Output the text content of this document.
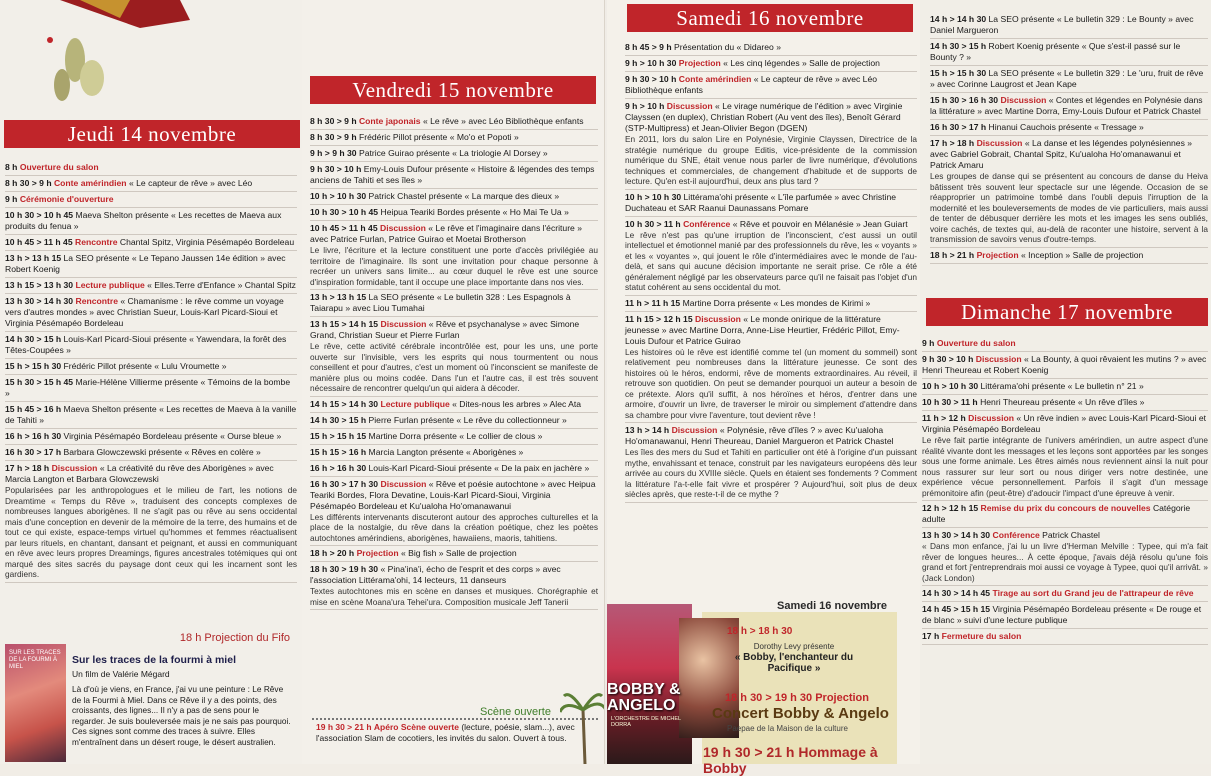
Jeudi 14 novembre
8 h Ouverture du salon
8 h 30 > 9 h Conte amérindien « Le capteur de rêve » avec Léo
9 h Cérémonie d'ouverture
10 h 30 > 10 h 45 Maeva Shelton présente « Les recettes de Maeva aux produits du fenua »
10 h 45 > 11 h 45 Rencontre Chantal Spitz, Virginia Pésémapéo Bordeleau
13 h > 13 h 15 La SEO présente « Le Tepano Jaussen 14e édition » avec Robert Koenig
13 h 15 > 13 h 30 Lecture publique « Elles.Terre d'Enfance » Chantal Spitz
13 h 30 > 14 h 30 Rencontre « Chamanisme : le rêve comme un voyage vers d'autres mondes » avec Christian Sueur, Louis-Karl Picard-Sioui et Virginia Pésémapéo Bordeleau
14 h 30 > 15 h Louis-Karl Picard-Sioui présente « Yawendara, la forêt des Têtes-Coupées »
15 h > 15 h 30 Frédéric Pillot présente « Lulu Vroumette »
15 h 30 > 15 h 45 Marie-Hélène Villierme présente « Témoins de la bombe »
15 h 45 > 16 h Maeva Shelton présente « Les recettes de Maeva à la vanille de Tahiti »
16 h > 16 h 30 Virginia Pésémapéo Bordeleau présente « Ourse bleue »
16 h 30 > 17 h Barbara Glowczewski présente « Rêves en colère »
17 h > 18 h Discussion « La créativité du rêve des Aborigènes » avec Marcia Langton et Barbara Glowczewski
Popularisées par les anthropologues et le milieu de l'art, les notions de Dreamtime « Temps du Rêve », traduisent des concepts complexes de nombreuses langues aborigènes. Il ne s'agit pas ou rêve au sens occidental mais d'une conception en devenir de la mémoire de la terre, des humains et de tout ce qui existe, espace-temps virtuel qu'hommes et femmes réactualisent par leurs rituels, en chantant, dansant et peignant, et aussi en communiquant en rêve avec leurs propres Dreamings, figures ancestrales totémiques qui ont marqué des sites sacrés du paysage dont ceux qui les incarnent sont les gardiens.
18 h Projection du Fifo
SUR LES TRACES DE LA FOURMI À MIEL
Sur les traces de la fourmi à miel
Un film de Valérie Mégard
Là d'où je viens, en France, j'ai vu une peinture : Le Rêve de la Fourmi à Miel. Dans ce Rêve il y a des points, des croissants, des lignes... Il n'y a pas de sens pour le regarder. Je suis bouleversée mais je ne sais pas pourquoi. Ces signes sont comme des traces à suivre. Elles m'entraînent dans un désert rouge, le désert australien.
Vendredi 15 novembre
8 h 30 > 9 h Conte japonais « Le rêve » avec Léo Bibliothèque enfants
8 h 30 > 9 h Frédéric Pillot présente « Mo'o et Popoti »
9 h > 9 h 30 Patrice Guirao présente « La triologie Al Dorsey »
9 h 30 > 10 h Emy-Louis Dufour présente « Histoire & légendes des temps anciens de Tahiti et ses îles »
10 h > 10 h 30 Patrick Chastel présente « La marque des dieux »
10 h 30 > 10 h 45 Heipua Teariki Bordes présente « Ho Mai Te Ua »
10 h 45 > 11 h 45 Discussion « Le rêve et l'imaginaire dans l'écriture » avec Patrice Furlan, Patrice Guirao et Moetai Brotherson
Le livre, l'écriture et la lecture constituent une porte d'accès privilégiée au territoire de l'imaginaire. Ils sont une invitation pour chaque personne à recréer un univers sans limite... au cœur duquel le rêve est une source d'inspiration formidable, tant il occupe une place importante dans nos vies.
13 h > 13 h 15 La SEO présente « Le bulletin 328 : Les Espagnols à Taiarapu » avec Liou Tumahai
13 h 15 > 14 h 15 Discussion « Rêve et psychanalyse » avec Simone Grand, Christian Sueur et Pierre Furlan
Le rêve, cette activité cérébrale incontrôlée est, pour les uns, une porte ouverte sur l'invisible, vers les esprits qui nous tourmentent ou nous conseillent et pour d'autres, c'est un moment où l'inconscient se manifeste de manière plus ou moins codée. Dans l'un et l'autre cas, il est très souvent nécessaire de rencontrer quelqu'un qui aidera à décoder.
14 h 15 > 14 h 30 Lecture publique « Dites-nous les arbres » Alec Ata
14 h 30 > 15 h Pierre Furlan présente « Le rêve du collectionneur »
15 h > 15 h 15 Martine Dorra présente « Le collier de clous »
15 h 15 > 16 h Marcia Langton présente « Aborigènes »
16 h > 16 h 30 Louis-Karl Picard-Sioui présente « De la paix en jachère »
16 h 30 > 17 h 30 Discussion « Rêve et poésie autochtone » avec Heipua Teariki Bordes, Flora Devatine, Louis-Karl Picard-Sioui, Virginia Pésémapéo Bordeleau et Ku'ualoha Ho'omanawanui
Les différents intervenants discuteront autour des approches culturelles et la place de la nostalgie, du rêve dans la création poétique, chez les poètes autochtones amérindiens, aborigènes, hawaiiens, maoris, tahitiens.
18 h > 20 h Projection « Big fish » Salle de projection
18 h 30 > 19 h 30 « Pina'ina'i, écho de l'esprit et des corps » avec l'association Littérama'ohi, 14 lecteurs, 11 danseurs
Textes autochtones mis en scène en danses et musiques. Chorégraphie et mise en scène Moana'ura Tehei'ura. Composition musicale Jeff Tanerii
Scène ouverte
19 h 30 > 21 h Apéro Scène ouverte (lecture, poésie, slam...), avec l'association Slam de cocotiers, les invités du salon. Ouvert à tous.
Samedi 16 novembre
8 h 45 > 9 h Présentation du « Didareo »
9 h > 10 h 30 Projection « Les cinq légendes » Salle de projection
9 h 30 > 10 h Conte amérindien « Le capteur de rêve » avec Léo Bibliothèque enfants
9 h > 10 h Discussion « Le virage numérique de l'édition » avec Virginie Clayssen (en duplex), Christian Robert (Au vent des îles), Benoît Gérard (STP-Multipress) et Jean-Olivier Begon (DGEN)
En 2011, lors du salon Lire en Polynésie, Virginie Clayssen, Directrice de la stratégie numérique du groupe Editis, vice-présidente de la commission numérique du SNE, était venue nous parler de livre numérique, d'évolutions techniques et commerciales, de changement d'habitude et de supports de lecture. Qu'en est-il aujourd'hui, deux ans plus tard ?
10 h > 10 h 30 Littérama'ohi présente « L'île parfumée » avec Christine Duchateau et SAR Raanui Daunassans Pomare
10 h 30 > 11 h Conférence « Rêve et pouvoir en Mélanésie » Jean Guiart
Le rêve n'est pas qu'une irruption de l'inconscient, c'est aussi un outil intellectuel et émotionnel manié par des professionnels du rêve, les « voyants » et les « voyantes », qui jouent le rôle d'intermédiaires avec le monde de l'au-delà, et sans qui aucune décision importante ne serait prise. Ce rôle a été généralement négligé par les observateurs parce qu'il ne faisait pas l'objet d'un statut cohérent au sens occidental du mot.
11 h > 11 h 15 Martine Dorra présente « Les mondes de Kirimi »
11 h 15 > 12 h 15 Discussion « Le monde onirique de la littérature jeunesse » avec Martine Dorra, Anne-Lise Heurtier, Frédéric Pillot, Emy-Louis Dufour et Patrice Guirao
Les histoires où le rêve est identifié comme tel (un moment du sommeil) sont relativement peu nombreuses dans la littérature jeunesse. Ce sont des histoires où le héros, endormi, rêve de moments extraordinaires. Au réveil, il retrouve son quotidien. On peut se demander pourquoi un auteur a besoin de ce prétexte. Alors qu'il suffit, à nos héroïnes et héros, d'entrer dans une armoire, d'ouvrir un livre, de traverser le miroir ou simplement d'attendre dans sa chambre pour vivre l'aventure, tout devient rêve !
13 h > 14 h Discussion « Polynésie, rêve d'îles ? » avec Ku'ualoha Ho'omanawanui, Henri Theureau, Daniel Margueron et Patrick Chastel
Les îles des mers du Sud et Tahiti en particulier ont été à l'origine d'un puissant mythe, envahissant et tenace, construit par les navigateurs européens dès leur arrivée au cours du XVIIIe siècle. Quels en étaient ses fondements ? Comment la littérature l'a-t-elle fait vivre et prospérer ? Aujourd'hui, soit plus de deux siècles après, que reste-t-il de ce mythe ?
BOBBY & ANGELO
L'ORCHESTRE DE MICHEL DORRA
Samedi 16 novembre
18 h > 18 h 30
Dorothy Levy présente
« Bobby, l'enchanteur du Pacifique »
18 h 30 > 19 h 30 Projection
Concert Bobby & Angelo
Paepae de la Maison de la culture
19 h 30 > 21 h Hommage à Bobby
14 h > 14 h 30 La SEO présente « Le bulletin 329 : Le Bounty » avec Daniel Margueron
14 h 30 > 15 h Robert Koenig présente « Que s'est-il passé sur le Bounty ? »
15 h > 15 h 30 La SEO présente « Le bulletin 329 : Le 'uru, fruit de rêve » avec Corinne Laugrost et Jean Kape
15 h 30 > 16 h 30 Discussion « Contes et légendes en Polynésie dans la littérature » avec Martine Dorra, Emy-Louis Dufour et Patrick Chastel
16 h 30 > 17 h Hinanui Cauchois présente « Tressage »
17 h > 18 h Discussion « La danse et les légendes polynésiennes » avec Gabriel Gobrait, Chantal Spitz, Ku'ualoha Ho'omanawanui et Patrick Amaru
Les groupes de danse qui se présentent au concours de danse du Heiva bâtissent très souvent leur spectacle sur une légende. Occasion de se réapproprier un patrimoine tombé dans l'oubli depuis l'irruption de la modernité et les bouleversements de modes de vie particuliers, mais aussi de tenter de débusquer derrière les mots et les images les sens oubliés, voire cachés, de textes qui, au-delà de raconter une histoire, servent à la transmission de savoirs venus d'outre-temps.
18 h > 21 h Projection « Inception » Salle de projection
Dimanche 17 novembre
9 h Ouverture du salon
9 h 30 > 10 h Discussion « La Bounty, à quoi rêvaient les mutins ? » avec Henri Theureau et Robert Koenig
10 h > 10 h 30 Littérama'ohi présente « Le bulletin n° 21 »
10 h 30 > 11 h Henri Theureau présente « Un rêve d'îles »
11 h > 12 h Discussion « Un rêve indien » avec Louis-Karl Picard-Sioui et Virginia Pésémapéo Bordeleau
Le rêve fait partie intégrante de l'univers amérindien, un autre aspect d'une réalité vivante dont les messages et les leçons sont apportées par les songes sous une forme animale. Les êtres aimés nous reviennent ainsi la nuit pour nous rassurer sur leur sort ou nous diriger vers notre destinée, une expérience vécue personnellement. Parfois il s'agit d'un message prémonitoire afin (peut-être) d'adoucir l'impact d'une épreuve à venir.
12 h > 12 h 15 Remise du prix du concours de nouvelles Catégorie adulte
13 h 30 > 14 h 30 Conférence Patrick Chastel
« Dans mon enfance, j'ai lu un livre d'Herman Melville : Typee, qui m'a fait rêver de longues heures... À cette époque, j'avais déjà résolu qu'une fois grand et fort j'entreprendrais moi aussi ce voyage à Typee, quoi qu'il arrivât. » (Jack London)
14 h 30 > 14 h 45 Tirage au sort du Grand jeu de l'attrapeur de rêve
14 h 45 > 15 h 15 Virginia Pésémapéo Bordeleau présente « De rouge et de blanc » suivi d'une lecture publique
17 h Fermeture du salon
